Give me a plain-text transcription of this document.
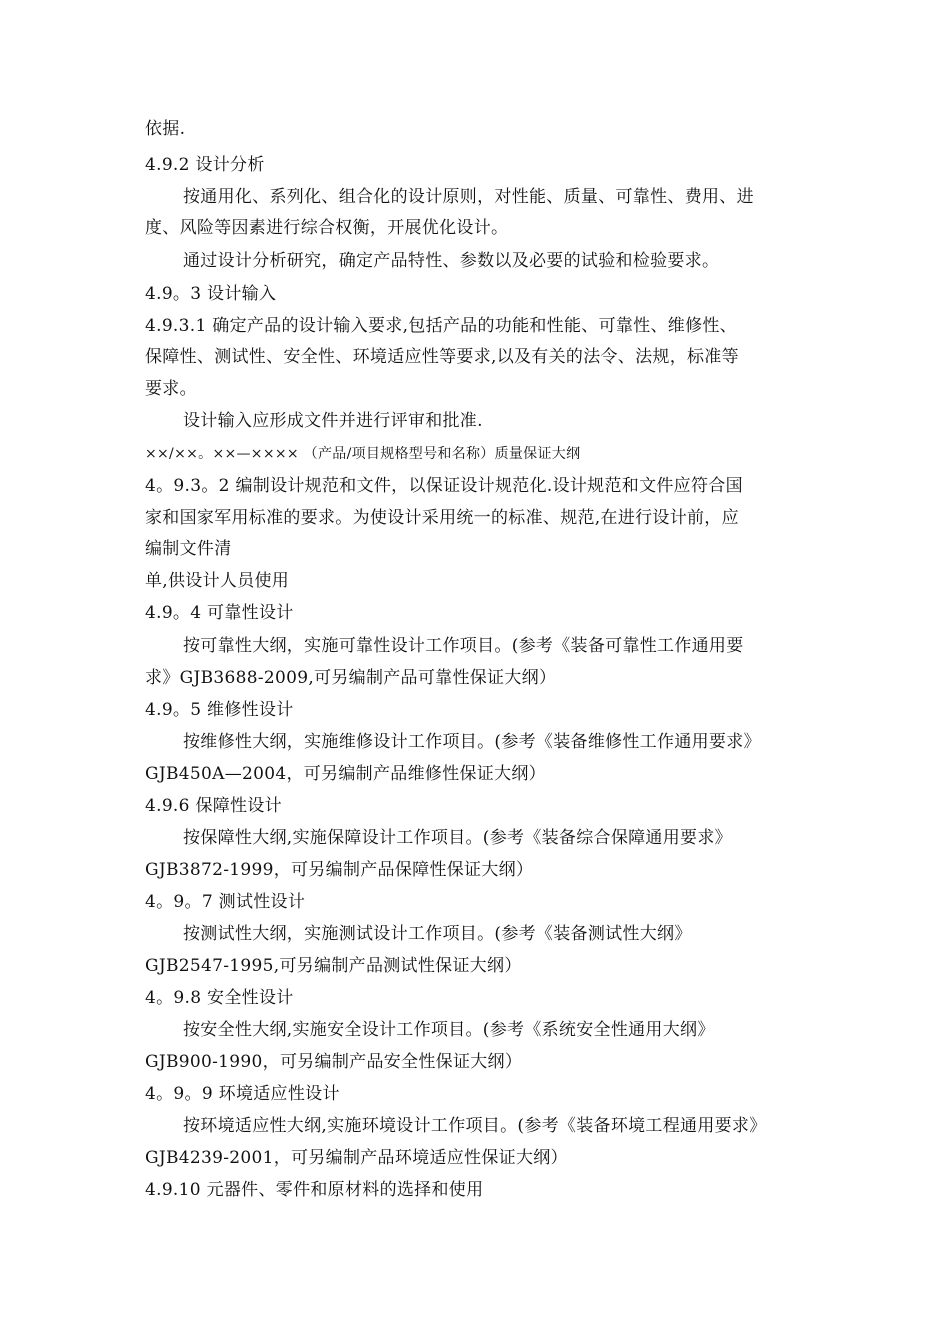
依据.
4.9.2 设计分析
按通用化、系列化、组合化的设计原则，对性能、质量、可靠性、费用、进
度、风险等因素进行综合权衡，开展优化设计。
通过设计分析研究，确定产品特性、参数以及必要的试验和检验要求。
4.9。3 设计输入
4.9.3.1 确定产品的设计输入要求,包括产品的功能和性能、可靠性、维修性、
保障性、测试性、安全性、环境适应性等要求,以及有关的法令、法规，标准等
要求。
设计输入应形成文件并进行评审和批准.
××/××。××—×××× （产品/项目规格型号和名称）质量保证大纲
4。9.3。2 编制设计规范和文件，以保证设计规范化.设计规范和文件应符合国
家和国家军用标准的要求。为使设计采用统一的标准、规范,在进行设计前，应
编制文件清
单,供设计人员使用
4.9。4 可靠性设计
按可靠性大纲，实施可靠性设计工作项目。(参考《装备可靠性工作通用要
求》GJB3688-2009,可另编制产品可靠性保证大纲）
4.9。5 维修性设计
按维修性大纲，实施维修设计工作项目。(参考《装备维修性工作通用要求》
GJB450A—2004，可另编制产品维修性保证大纲）
4.9.6 保障性设计
按保障性大纲,实施保障设计工作项目。(参考《装备综合保障通用要求》
GJB3872-1999，可另编制产品保障性保证大纲）
4。9。7 测试性设计
按测试性大纲，实施测试设计工作项目。(参考《装备测试性大纲》
GJB2547-1995,可另编制产品测试性保证大纲）
4。9.8 安全性设计
按安全性大纲,实施安全设计工作项目。(参考《系统安全性通用大纲》
GJB900-1990，可另编制产品安全性保证大纲）
4。9。9 环境适应性设计
按环境适应性大纲,实施环境设计工作项目。(参考《装备环境工程通用要求》
GJB4239-2001，可另编制产品环境适应性保证大纲）
4.9.10 元器件、零件和原材料的选择和使用
